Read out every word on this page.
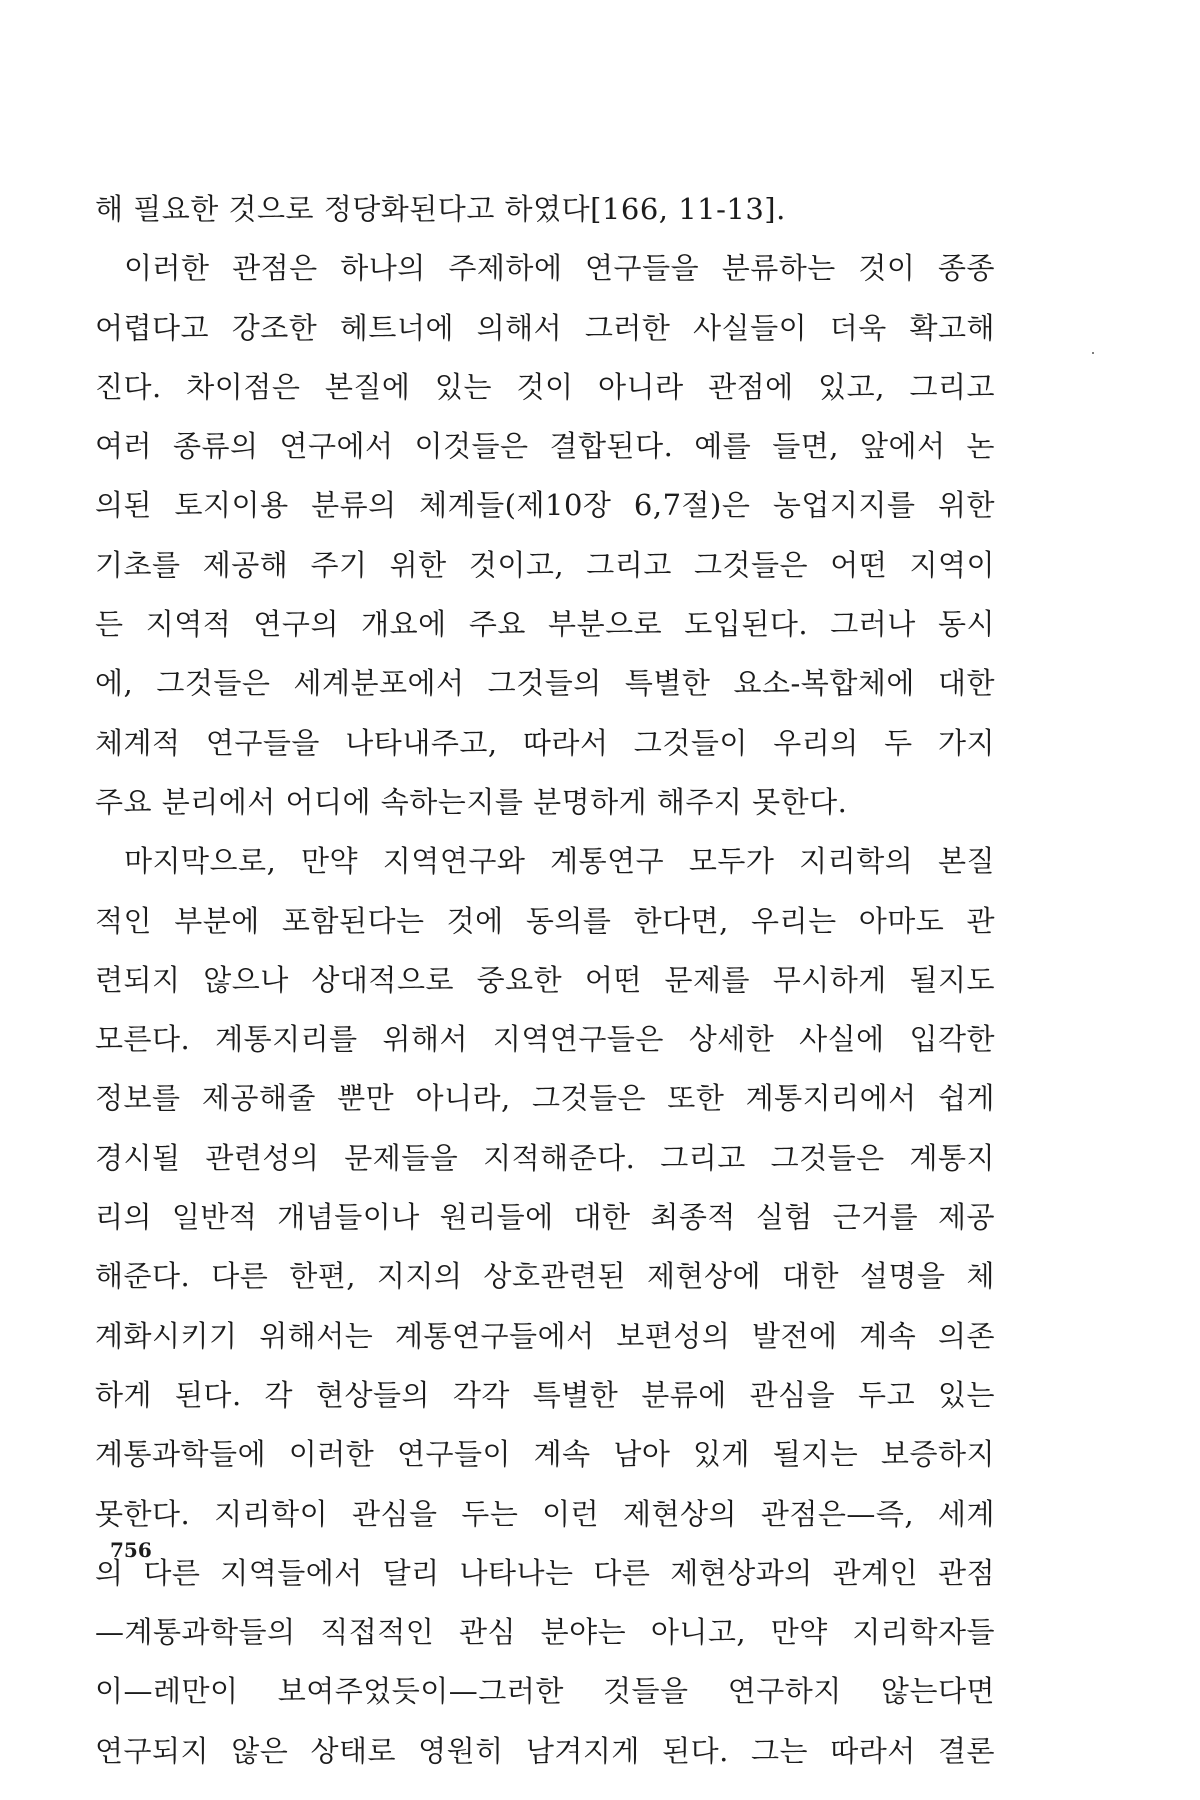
해 필요한 것으로 정당화된다고 하였다[166, 11-13].
이러한 관점은 하나의 주제하에 연구들을 분류하는 것이 종종
어렵다고 강조한 헤트너에 의해서 그러한 사실들이 더욱 확고해
진다. 차이점은 본질에 있는 것이 아니라 관점에 있고, 그리고
여러 종류의 연구에서 이것들은 결합된다. 예를 들면, 앞에서 논
의된 토지이용 분류의 체계들(제10장 6,7절)은 농업지지를 위한
기초를 제공해 주기 위한 것이고, 그리고 그것들은 어떤 지역이
든 지역적 연구의 개요에 주요 부분으로 도입된다. 그러나 동시
에, 그것들은 세계분포에서 그것들의 특별한 요소-복합체에 대한
체계적 연구들을 나타내주고, 따라서 그것들이 우리의 두 가지
주요 분리에서 어디에 속하는지를 분명하게 해주지 못한다.
마지막으로, 만약 지역연구와 계통연구 모두가 지리학의 본질
적인 부분에 포함된다는 것에 동의를 한다면, 우리는 아마도 관
련되지 않으나 상대적으로 중요한 어떤 문제를 무시하게 될지도
모른다. 계통지리를 위해서 지역연구들은 상세한 사실에 입각한
정보를 제공해줄 뿐만 아니라, 그것들은 또한 계통지리에서 쉽게
경시될 관련성의 문제들을 지적해준다. 그리고 그것들은 계통지
리의 일반적 개념들이나 원리들에 대한 최종적 실험 근거를 제공
해준다. 다른 한편, 지지의 상호관련된 제현상에 대한 설명을 체
계화시키기 위해서는 계통연구들에서 보편성의 발전에 계속 의존
하게 된다. 각 현상들의 각각 특별한 분류에 관심을 두고 있는
계통과학들에 이러한 연구들이 계속 남아 있게 될지는 보증하지
못한다. 지리학이 관심을 두는 이런 제현상의 관점은—즉, 세계
의 다른 지역들에서 달리 나타나는 다른 제현상과의 관계인 관점
—계통과학들의 직접적인 관심 분야는 아니고, 만약 지리학자들
이—레만이 보여주었듯이—그러한 것들을 연구하지 않는다면
연구되지 않은 상태로 영원히 남겨지게 된다. 그는 따라서 결론
756
